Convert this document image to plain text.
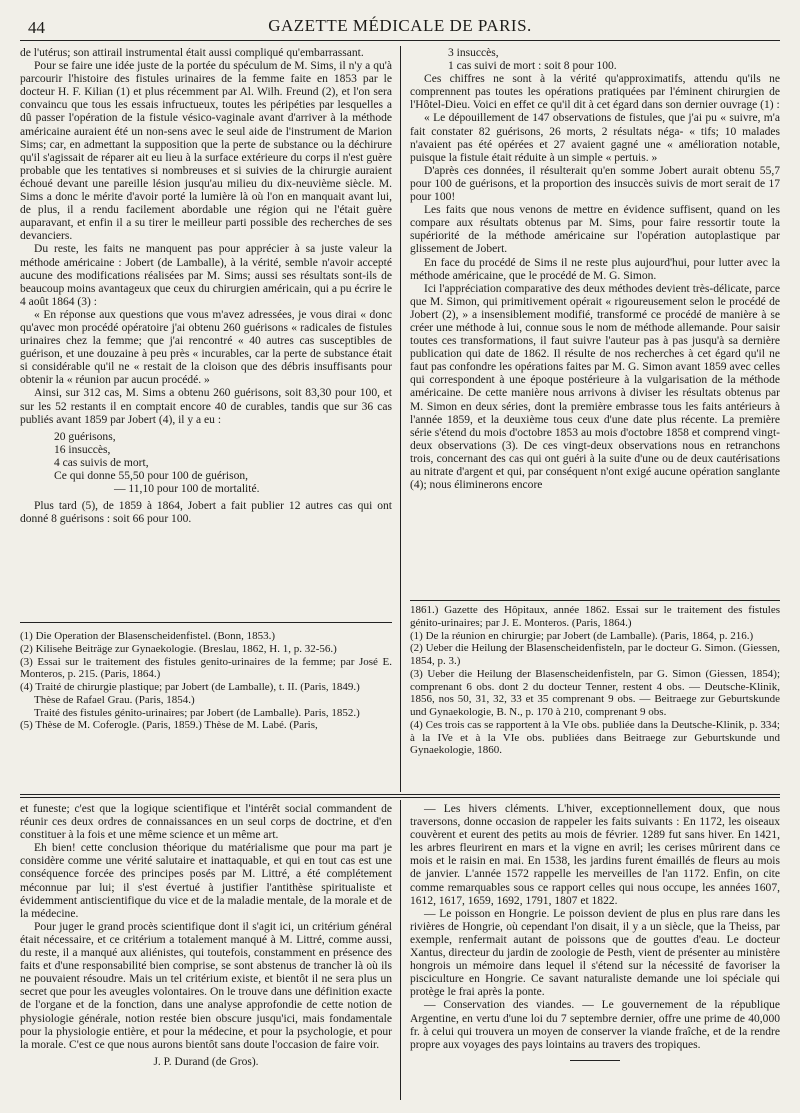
44	GAZETTE MÉDICALE DE PARIS.

de l'utérus; son attirail instrumental était aussi compliqué qu'embarrassant.

Pour se faire une idée juste de la portée du spéculum de M. Sims, il n'y a qu'à parcourir l'histoire des fistules urinaires de la femme faite en 1853 par le docteur H. F. Kilian (1) et plus récemment par Al. Wilh. Freund (2), et l'on sera convaincu que tous les essais infructueux, toutes les péripéties par lesquelles a dû passer l'opération de la fistule vésico-vaginale avant d'arriver à la méthode américaine auraient été un non-sens avec le seul aide de l'instrument de Marion Sims; car, en admettant la supposition que la perte de substance ou la déchirure qu'il s'agissait de réparer ait eu lieu à la surface extérieure du corps il n'est guère probable que les tentatives si nombreuses et si suivies de la chirurgie auraient échoué devant une pareille lésion jusqu'au milieu du dix-neuvième siècle. M. Sims a donc le mérite d'avoir porté la lumière là où l'on en manquait avant lui, de plus, il a rendu facilement abordable une région qui ne l'était guère auparavant, et enfin il a su tirer le meilleur parti possible des recherches de ses devanciers.

Du reste, les faits ne manquent pas pour apprécier à sa juste valeur la méthode américaine : Jobert (de Lamballe), à la vérité, semble n'avoir accepté aucune des modifications réalisées par M. Sims; aussi ses résultats sont-ils de beaucoup moins avantageux que ceux du chirurgien américain, qui a pu écrire le 4 août 1864 (3) :

« En réponse aux questions que vous m'avez adressées, je vous dirai « donc qu'avec mon procédé opératoire j'ai obtenu 260 guérisons « radicales de fistules urinaires chez la femme; que j'ai rencontré « 40 autres cas susceptibles de guérison, et une douzaine à peu près « incurables, car la perte de substance était si considérable qu'il ne « restait de la cloison que des débris insuffisants pour obtenir la « réunion par aucun procédé. »

Ainsi, sur 312 cas, M. Sims a obtenu 260 guérisons, soit 83,30 pour 100, et sur les 52 restants il en comptait encore 40 de curables, tandis que sur 36 cas publiés avant 1859 par Jobert (4), il y a eu :

20 guérisons,
16 insuccès,
4 cas suivis de mort,
Ce qui donne 55,50 pour 100 de guérison,
— 11,10 pour 100 de mortalité.

Plus tard (5), de 1859 à 1864, Jobert a fait publier 12 autres cas qui ont donné 8 guérisons : soit 66 pour 100.

3 insuccès,
1 cas suivi de mort : soit 8 pour 100.

Ces chiffres ne sont à la vérité qu'approximatifs, attendu qu'ils ne comprennent pas toutes les opérations pratiquées par l'éminent chirurgien de l'Hôtel-Dieu. Voici en effet ce qu'il dit à cet égard dans son dernier ouvrage (1) :

« Le dépouillement de 147 observations de fistules, que j'ai pu « suivre, m'a fait constater 82 guérisons, 26 morts, 2 résultats néga- « tifs; 10 malades n'avaient pas été opérées et 27 avaient gagné une « amélioration notable, puisque la fistule était réduite à un simple « pertuis. »

D'après ces données, il résulterait qu'en somme Jobert aurait obtenu 55,7 pour 100 de guérisons, et la proportion des insuccès suivis de mort serait de 17 pour 100!

Les faits que nous venons de mettre en évidence suffisent, quand on les compare aux résultats obtenus par M. Sims, pour faire ressortir toute la supériorité de la méthode américaine sur l'opération autoplastique par glissement de Jobert.

En face du procédé de Sims il ne reste plus aujourd'hui, pour lutter avec la méthode américaine, que le procédé de M. G. Simon.

Ici l'appréciation comparative des deux méthodes devient très-délicate, parce que M. Simon, qui primitivement opérait « rigoureusement selon le procédé de Jobert (2), » a insensiblement modifié, transformé ce procédé de manière à se créer une méthode à lui, connue sous le nom de méthode allemande. Pour saisir toutes ces transformations, il faut suivre l'auteur pas à pas jusqu'à sa dernière publication qui date de 1862. Il résulte de nos recherches à cet égard qu'il ne faut pas confondre les opérations faites par M. G. Simon avant 1859 avec celles qui correspondent à une époque postérieure à la vulgarisation de la méthode américaine. De cette manière nous arrivons à diviser les résultats obtenus par M. Simon en deux séries, dont la première embrasse tous les faits antérieurs à l'année 1859, et la deuxième tous ceux d'une date plus récente. La première série s'étend du mois d'octobre 1853 au mois d'octobre 1858 et comprend vingt-deux observations (3). De ces vingt-deux observations nous en retranchons trois, concernant des cas qui ont guéri à la suite d'une ou de deux cautérisations au nitrate d'argent et qui, par conséquent n'ont exigé aucune opération sanglante (4); nous éliminerons encore

(1) Die Operation der Blasenscheidenfistel. (Bonn, 1853.)

(2) Kilisehe Beiträge zur Gynaekologie. (Breslau, 1862, H. 1, p. 32-56.)

(3) Essai sur le traitement des fistules genito-urinaires de la femme; par José E. Monteros, p. 215. (Paris, 1864.)

(4) Traité de chirurgie plastique; par Jobert (de Lamballe), t. II. (Paris, 1849.)

Thèse de Rafael Grau. (Paris, 1854.)

Traité des fistules génito-urinaires; par Jobert (de Lamballe). Paris, 1852.)

(5) Thèse de M. Coferogle. (Paris, 1859.) Thèse de M. Labé. (Paris,

1861.) Gazette des Hôpitaux, année 1862. Essai sur le traitement des fistules génito-urinaires; par J. E. Monteros. (Paris, 1864.)

(1) De la réunion en chirurgie; par Jobert (de Lamballe). (Paris, 1864, p. 216.)

(2) Ueber die Heilung der Blasenscheidenfisteln, par le docteur G. Simon. (Giessen, 1854, p. 3.)

(3) Ueber die Heilung der Blasenscheidenfisteln, par G. Simon (Giessen, 1854); comprenant 6 obs. dont 2 du docteur Tenner, restent 4 obs. — Deutsche-Klinik, 1856, nos 50, 31, 32, 33 et 35 comprenant 9 obs. — Beitraege zur Geburtskunde und Gynaekologie, B. N., p. 170 à 210, comprenant 9 obs.

(4) Ces trois cas se rapportent à la VIe obs. publiée dans la Deutsche-Klinik, p. 334; à la IVe et à la VIe obs. publiées dans Beitraege zur Geburtskunde und Gynaekologie, 1860.

et funeste; c'est que la logique scientifique et l'intérêt social commandent de réunir ces deux ordres de connaissances en un seul corps de doctrine, et d'en constituer à la fois et une même science et un même art.

Eh bien! cette conclusion théorique du matérialisme que pour ma part je considère comme une vérité salutaire et inattaquable, et qui en tout cas est une conséquence forcée des principes posés par M. Littré, a été complétement méconnue par lui; il s'est évertué à justifier l'antithèse spiritualiste et évidemment antiscientifique du vice et de la maladie mentale, de la morale et de la médecine.

Pour juger le grand procès scientifique dont il s'agit ici, un critérium général était nécessaire, et ce critérium a totalement manqué à M. Littré, comme aussi, du reste, il a manqué aux aliénistes, qui toutefois, constamment en présence des faits et d'une responsabilité bien comprise, se sont abstenus de trancher là où ils ne pouvaient résoudre. Mais un tel critérium existe, et bientôt il ne sera plus un secret que pour les aveugles volontaires. On le trouve dans une définition exacte de l'organe et de la fonction, dans une analyse approfondie de cette notion de physiologie générale, notion restée bien obscure jusqu'ici, mais fondamentale pour la physiologie entière, et pour la médecine, et pour la psychologie, et pour la morale. C'est ce que nous aurons bientôt sans doute l'occasion de faire voir.

J. P. Durand (de Gros).

— Les hivers cléments. L'hiver, exceptionnellement doux, que nous traversons, donne occasion de rappeler les faits suivants : En 1172, les oiseaux couvèrent et eurent des petits au mois de février. 1289 fut sans hiver. En 1421, les arbres fleurirent en mars et la vigne en avril; les cerises mûrirent dans ce mois et le raisin en mai. En 1538, les jardins furent émaillés de fleurs au mois de janvier. L'année 1572 rappelle les merveilles de l'an 1172. Enfin, on cite comme remarquables sous ce rapport celles qui nous occupe, les années 1607, 1612, 1617, 1659, 1692, 1791, 1807 et 1822.

— Le poisson en Hongrie. Le poisson devient de plus en plus rare dans les rivières de Hongrie, où cependant l'on disait, il y a un siècle, que la Theiss, par exemple, renfermait autant de poissons que de gouttes d'eau. Le docteur Xantus, directeur du jardin de zoologie de Pesth, vient de présenter au ministère hongrois un mémoire dans lequel il s'étend sur la nécessité de favoriser la pisciculture en Hongrie. Ce savant naturaliste demande une loi spéciale qui protège le frai après la ponte.

— Conservation des viandes. — Le gouvernement de la république Argentine, en vertu d'une loi du 7 septembre dernier, offre une prime de 40,000 fr. à celui qui trouvera un moyen de conserver la viande fraîche, et de la rendre propre aux voyages des pays lointains au travers des tropiques.
